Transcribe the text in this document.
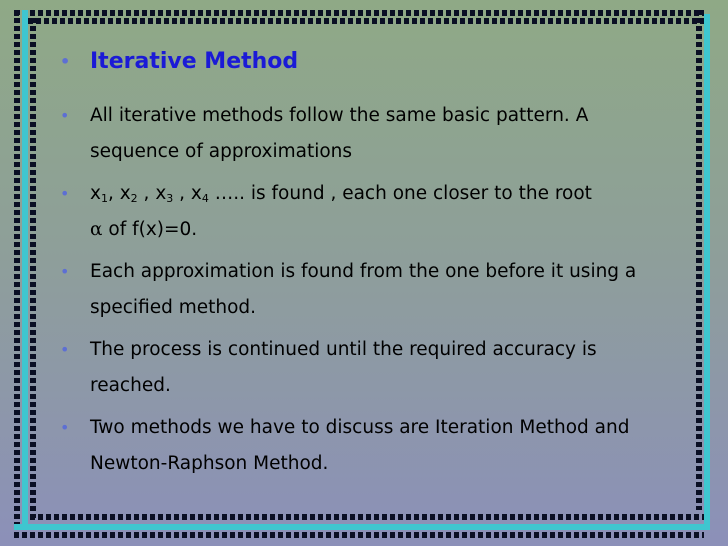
• Iterative Method
• All iterative methods follow the same basic pattern. A sequence of approximations
• $x_1$, $x_2$ , $x_3$ , $x_4$ ….. is found , each one closer to the root
α of f(x)=0.
• Each approximation is found from the one before it using a specified method.
• The process is continued until the required accuracy is reached.
• Two methods we have to discuss are Iteration Method and Newton-Raphson Method.
